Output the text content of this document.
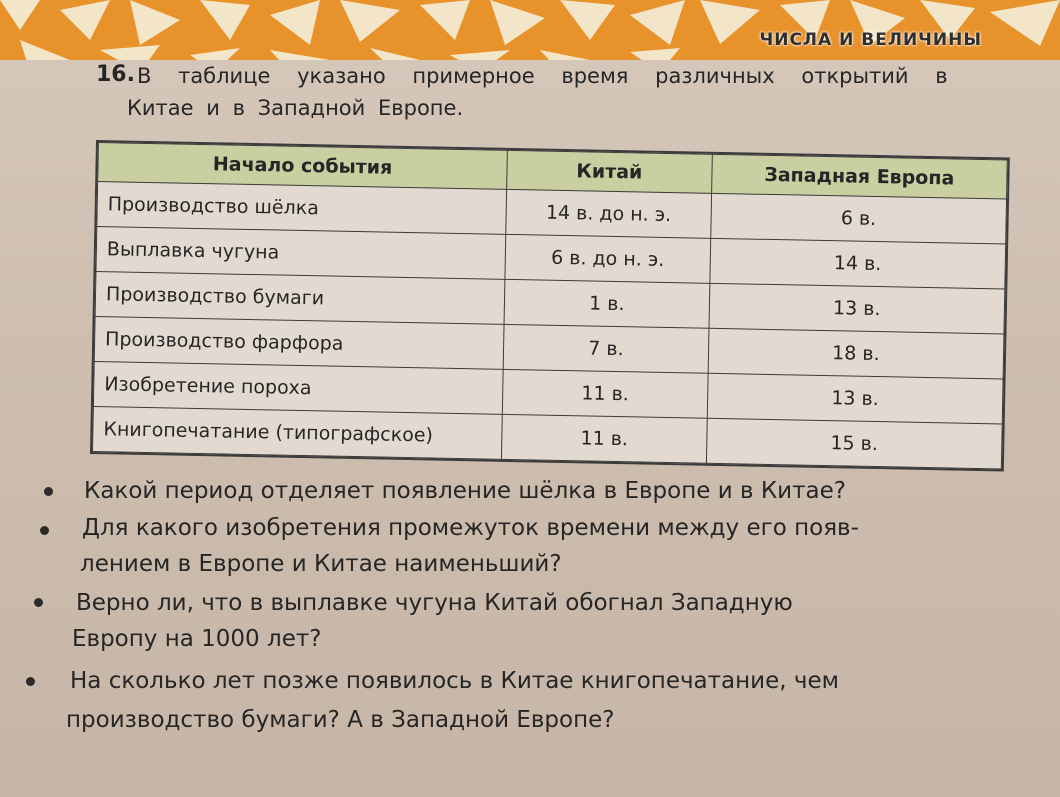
ЧИСЛА И ВЕЛИЧИНЫ
16. В таблице указано примерное время различных открытий в
Китае и в Западной Европе.
Начало события	Китай	Западная Европа
Производство шёлка	14 в. до н. э.	6 в.
Выплавка чугуна	6 в. до н. э.	14 в.
Производство бумаги	1 в.	13 в.
Производство фарфора	7 в.	18 в.
Изобретение пороха	11 в.	13 в.
Книгопечатание (типографское)	11 в.	15 в.
Какой период отделяет появление шёлка в Европе и в Китае?
Для какого изобретения промежуток времени между его появ-
лением в Европе и Китае наименьший?
Верно ли, что в выплавке чугуна Китай обогнал Западную
Европу на 1000 лет?
На сколько лет позже появилось в Китае книгопечатание, чем
производство бумаги? А в Западной Европе?
